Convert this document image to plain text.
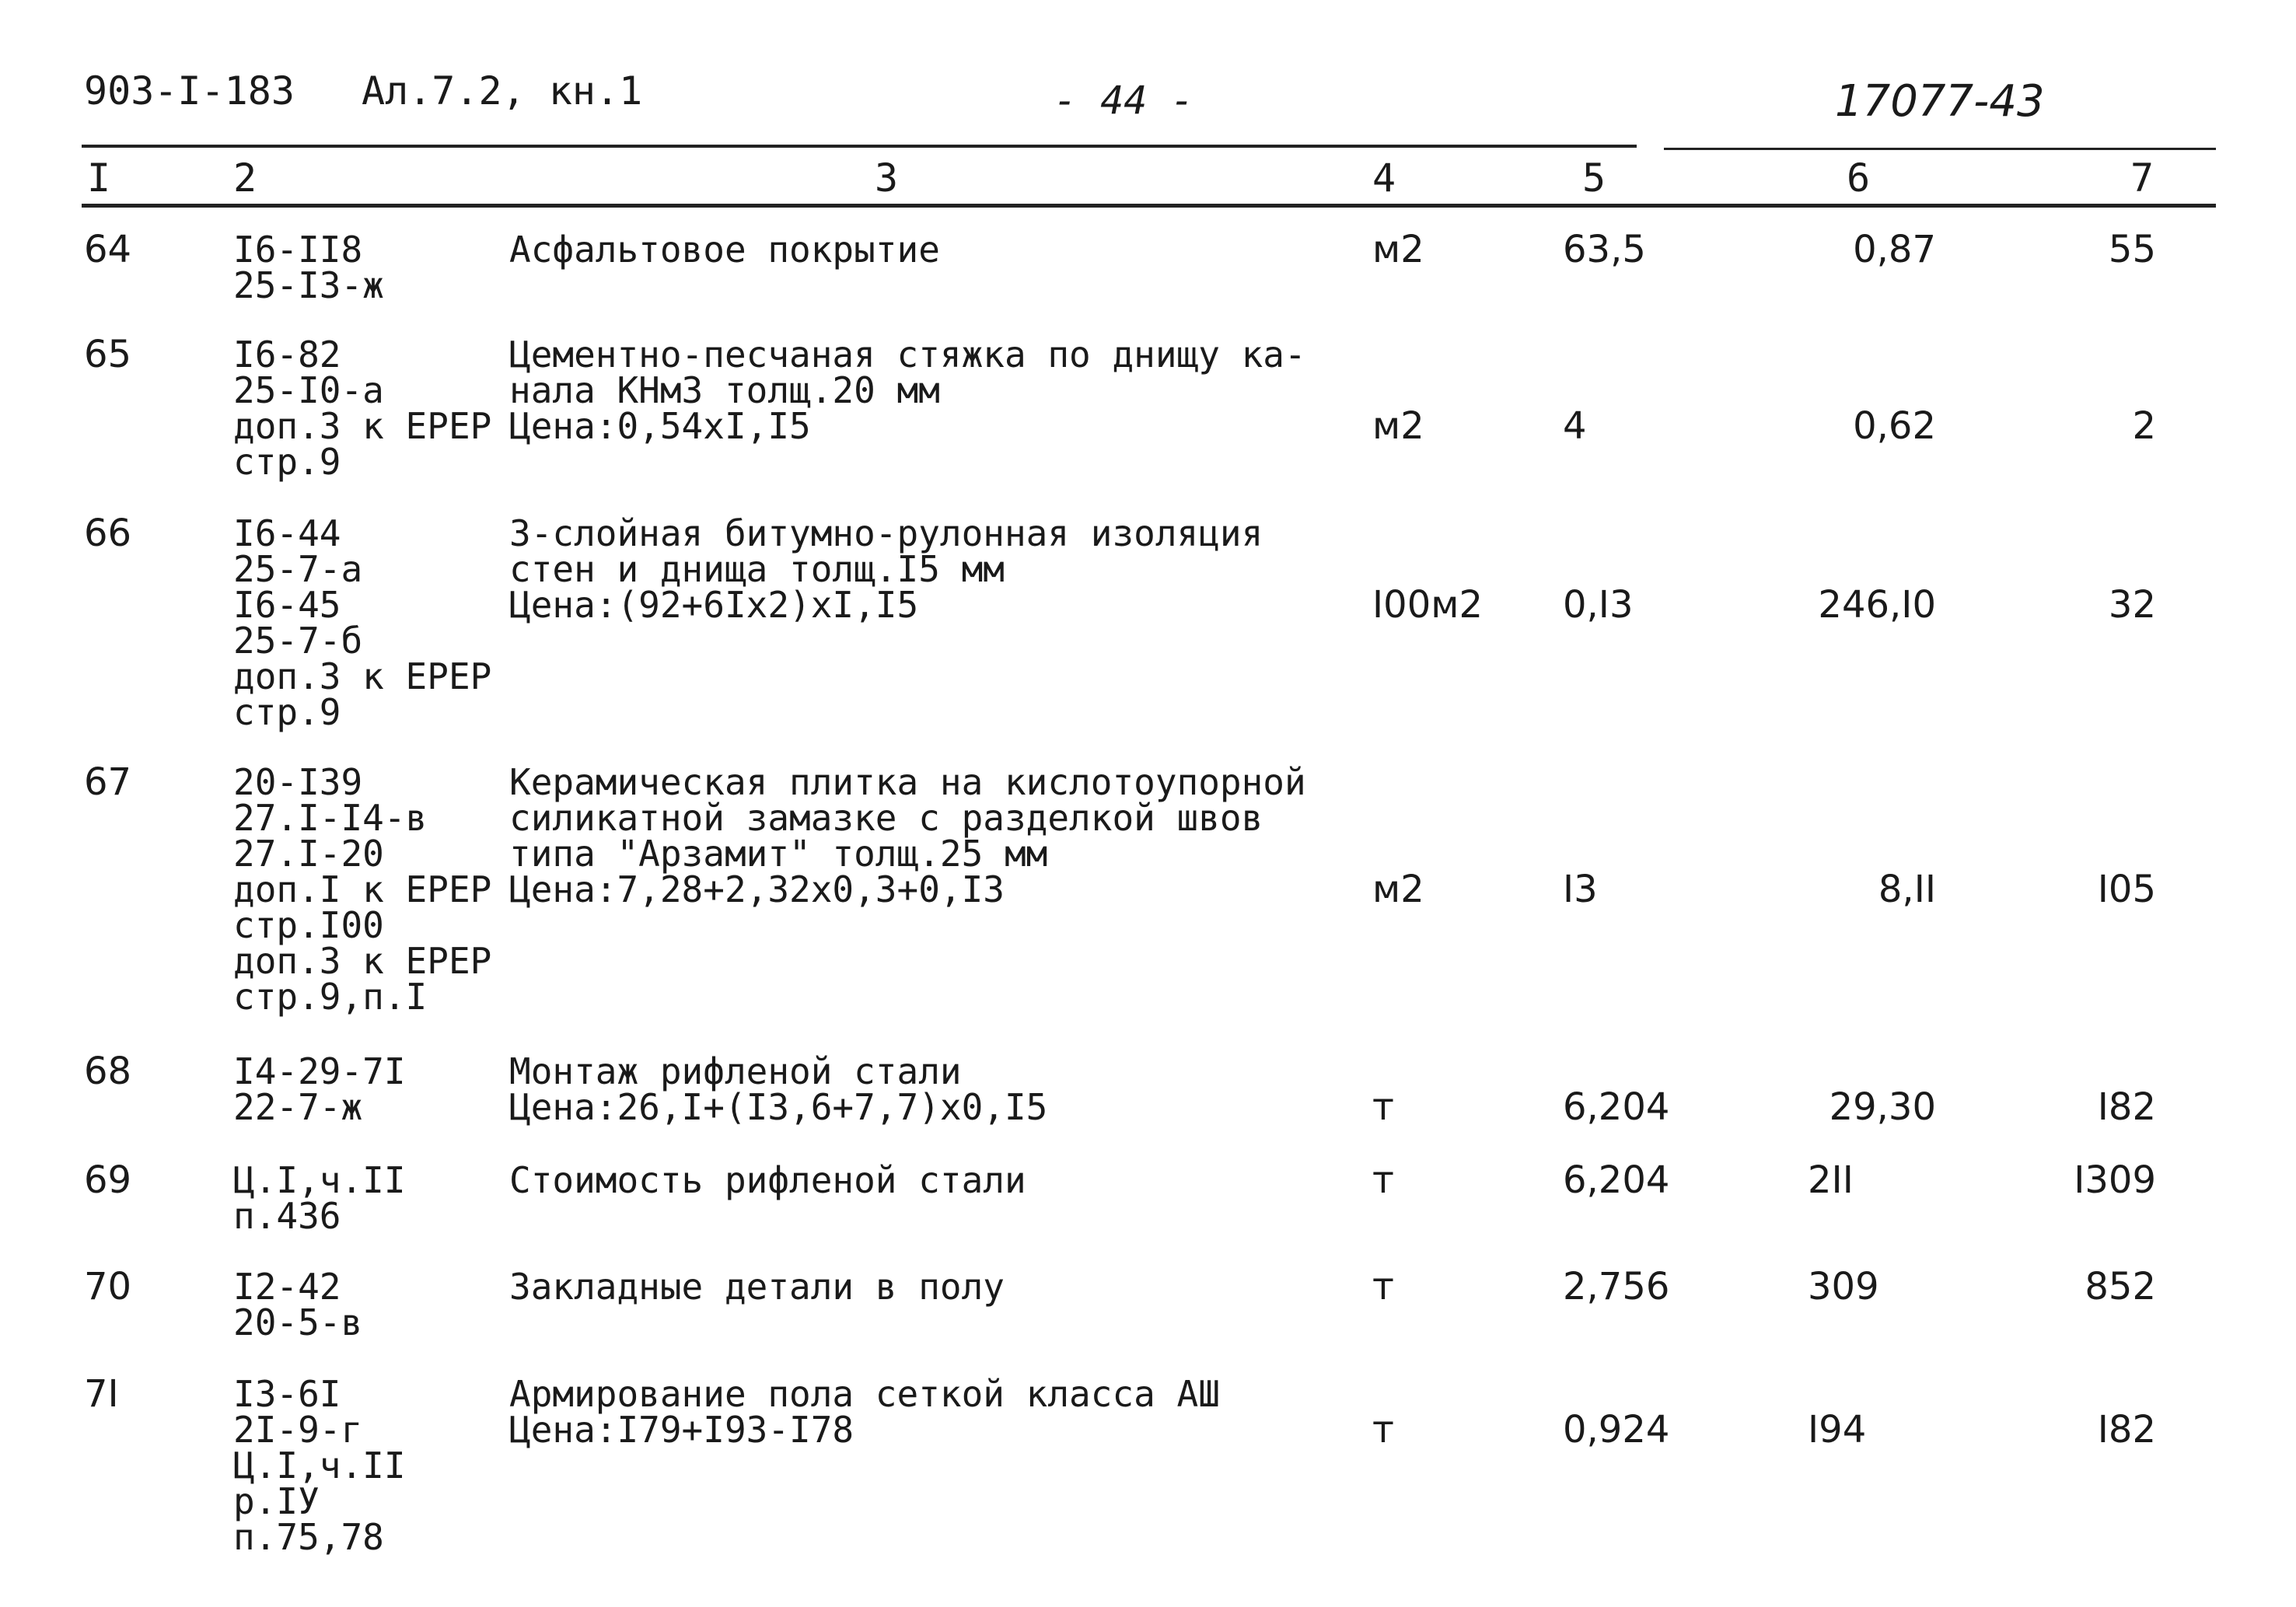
903-I-183 Ал.7.2, кн.1	- 44 -	17077-43
I	2	3	4	5	6	7
64	I6-II8
25-I3-ж
Асфальтовое покрытие	м2	63,5	0,87	55
65	I6-82
25-I0-а
доп.3 к ЕРЕР
стр.9
Цементно-песчаная стяжка по днищу ка-
нала КНм3 толщ.20 мм
Цена:0,54хI,I5	м2	4	0,62	2
66	I6-44
25-7-а
I6-45
25-7-б
доп.3 к ЕРЕР
стр.9
3-слойная битумно-рулонная изоляция
стен и днища толщ.I5 мм
Цена:(92+6Iх2)хI,I5	I00м2 0,I3	246,I0	32
67	20-I39
27.I-I4-в
27.I-20
доп.I к ЕРЕР
стр.I00
доп.3 к ЕРЕР
стр.9,п.I
Керамическая плитка на кислотоупорной
силикатной замазке с разделкой швов
типа "Арзамит" толщ.25 мм
Цена:7,28+2,32х0,3+0,I3	м2	I3	8,II	I05
68	I4-29-7I
22-7-ж
Монтаж рифленой стали
Цена:26,I+(I3,6+7,7)х0,I5	т	6,204	29,30	I82
69	Ц.I,ч.II
п.436
Стоимость рифленой стали	т	6,204	2II	I309
70	I2-42
20-5-в
Закладные детали в полу	т	2,756	309	852
7I	I3-6I
2I-9-г
Ц.I,ч.II
р.IУ
п.75,78
Армирование пола сеткой класса АШ
Цена:I79+I93-I78	т	0,924	I94	I82
